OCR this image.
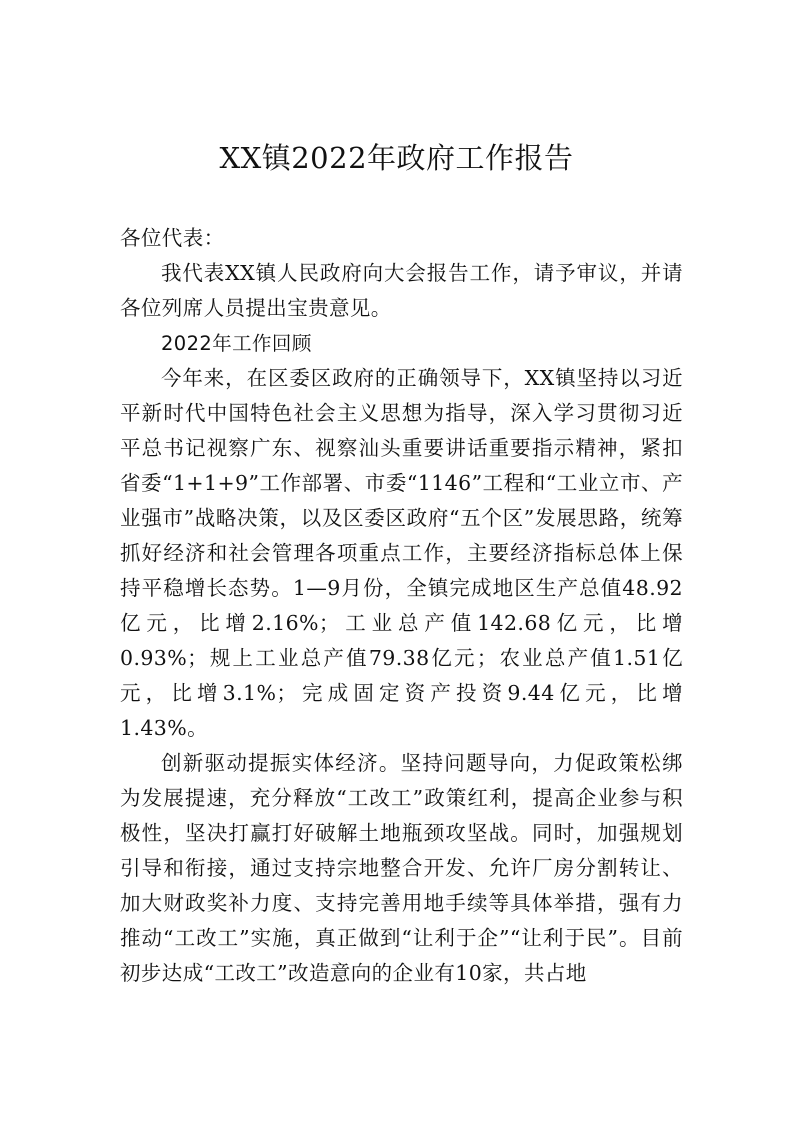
XX镇2022年政府工作报告

各位代表：

我代表XX镇人民政府向大会报告工作，请予审议，并请各位列席人员提出宝贵意见。

2022年工作回顾

今年来，在区委区政府的正确领导下，XX镇坚持以习近平新时代中国特色社会主义思想为指导，深入学习贯彻习近平总书记视察广东、视察汕头重要讲话重要指示精神，紧扣省委“1+1+9”工作部署、市委“1146”工程和“工业立市、产业强市”战略决策，以及区委区政府“五个区”发展思路，统筹抓好经济和社会管理各项重点工作，主要经济指标总体上保持平稳增长态势。1—9月份，全镇完成地区生产总值48.92亿元，比增2.16%；工业总产值142.68亿元，比增0.93%；规上工业总产值79.38亿元；农业总产值1.51亿元，比增3.1%；完成固定资产投资9.44亿元，比增1.43%。

创新驱动提振实体经济。坚持问题导向，力促政策松绑为发展提速，充分释放“工改工”政策红利，提高企业参与积极性，坚决打赢打好破解土地瓶颈攻坚战。同时，加强规划引导和衔接，通过支持宗地整合开发、允许厂房分割转让、加大财政奖补力度、支持完善用地手续等具体举措，强有力推动“工改工”实施，真正做到“让利于企”“让利于民”。目前初步达成“工改工”改造意向的企业有10家，共占地
